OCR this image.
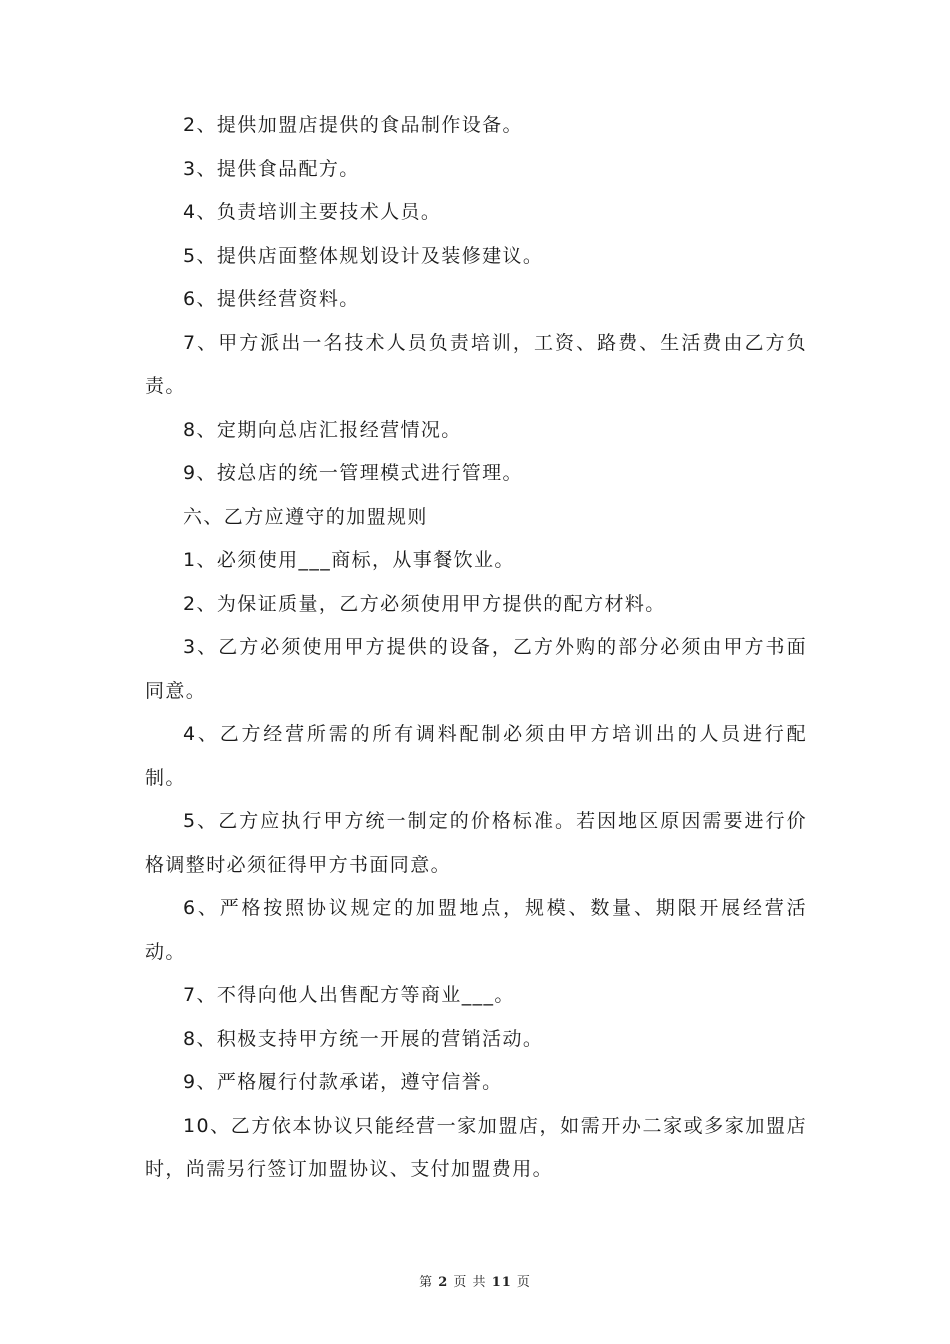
2、提供加盟店提供的食品制作设备。

3、提供食品配方。

4、负责培训主要技术人员。

5、提供店面整体规划设计及装修建议。

6、提供经营资料。

7、甲方派出一名技术人员负责培训，工资、路费、生活费由乙方负责。

8、定期向总店汇报经营情况。

9、按总店的统一管理模式进行管理。

六、乙方应遵守的加盟规则

1、必须使用___商标，从事餐饮业。

2、为保证质量，乙方必须使用甲方提供的配方材料。

3、乙方必须使用甲方提供的设备，乙方外购的部分必须由甲方书面同意。

4、乙方经营所需的所有调料配制必须由甲方培训出的人员进行配制。

5、乙方应执行甲方统一制定的价格标准。若因地区原因需要进行价格调整时必须征得甲方书面同意。

6、严格按照协议规定的加盟地点，规模、数量、期限开展经营活动。

7、不得向他人出售配方等商业___。

8、积极支持甲方统一开展的营销活动。

9、严格履行付款承诺，遵守信誉。

10、乙方依本协议只能经营一家加盟店，如需开办二家或多家加盟店时，尚需另行签订加盟协议、支付加盟费用。

第 2 页 共 11 页
